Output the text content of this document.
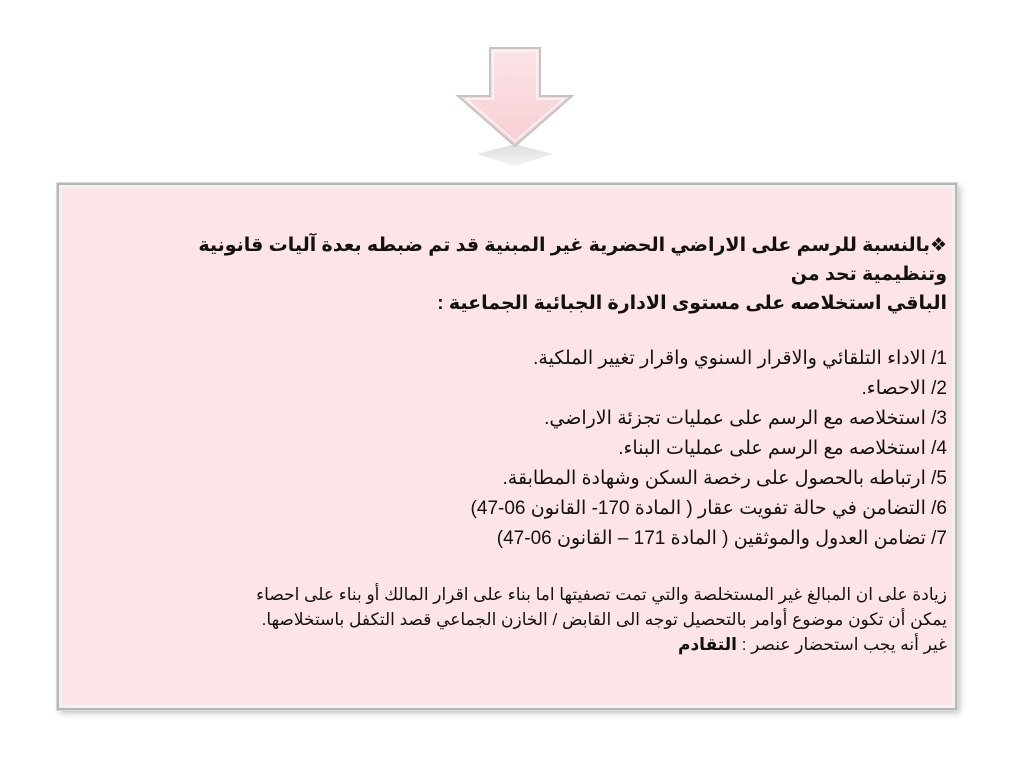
❖بالنسبة للرسم على الاراضي الحضرية غير المبنية قد تم ضبطه بعدة آليات قانونية وتنظيمية تحد من
الباقي استخلاصه على مستوى الادارة الجبائية الجماعية :

1/ الاداء التلقائي والاقرار السنوي واقرار تغيير الملكية.
2/ الاحصاء.
3/ استخلاصه مع الرسم على عمليات تجزئة الاراضي.
4/ استخلاصه مع الرسم على عمليات البناء.
5/ ارتباطه بالحصول على رخصة السكن وشهادة المطابقة.
6/ التضامن في حالة تفويت عقار ( المادة 170- القانون 06-47)
7/ تضامن العدول والموثقين ( المادة 171 – القانون 06-47)

زيادة على ان المبالغ غير المستخلصة والتي تمت تصفيتها اما بناء على اقرار المالك أو بناء على احصاء
يمكن أن تكون موضوع أوامر بالتحصيل توجه الى القابض / الخازن الجماعي قصد التكفل باستخلاصها.
غير أنه يجب استحضار عنصر : التقادم
